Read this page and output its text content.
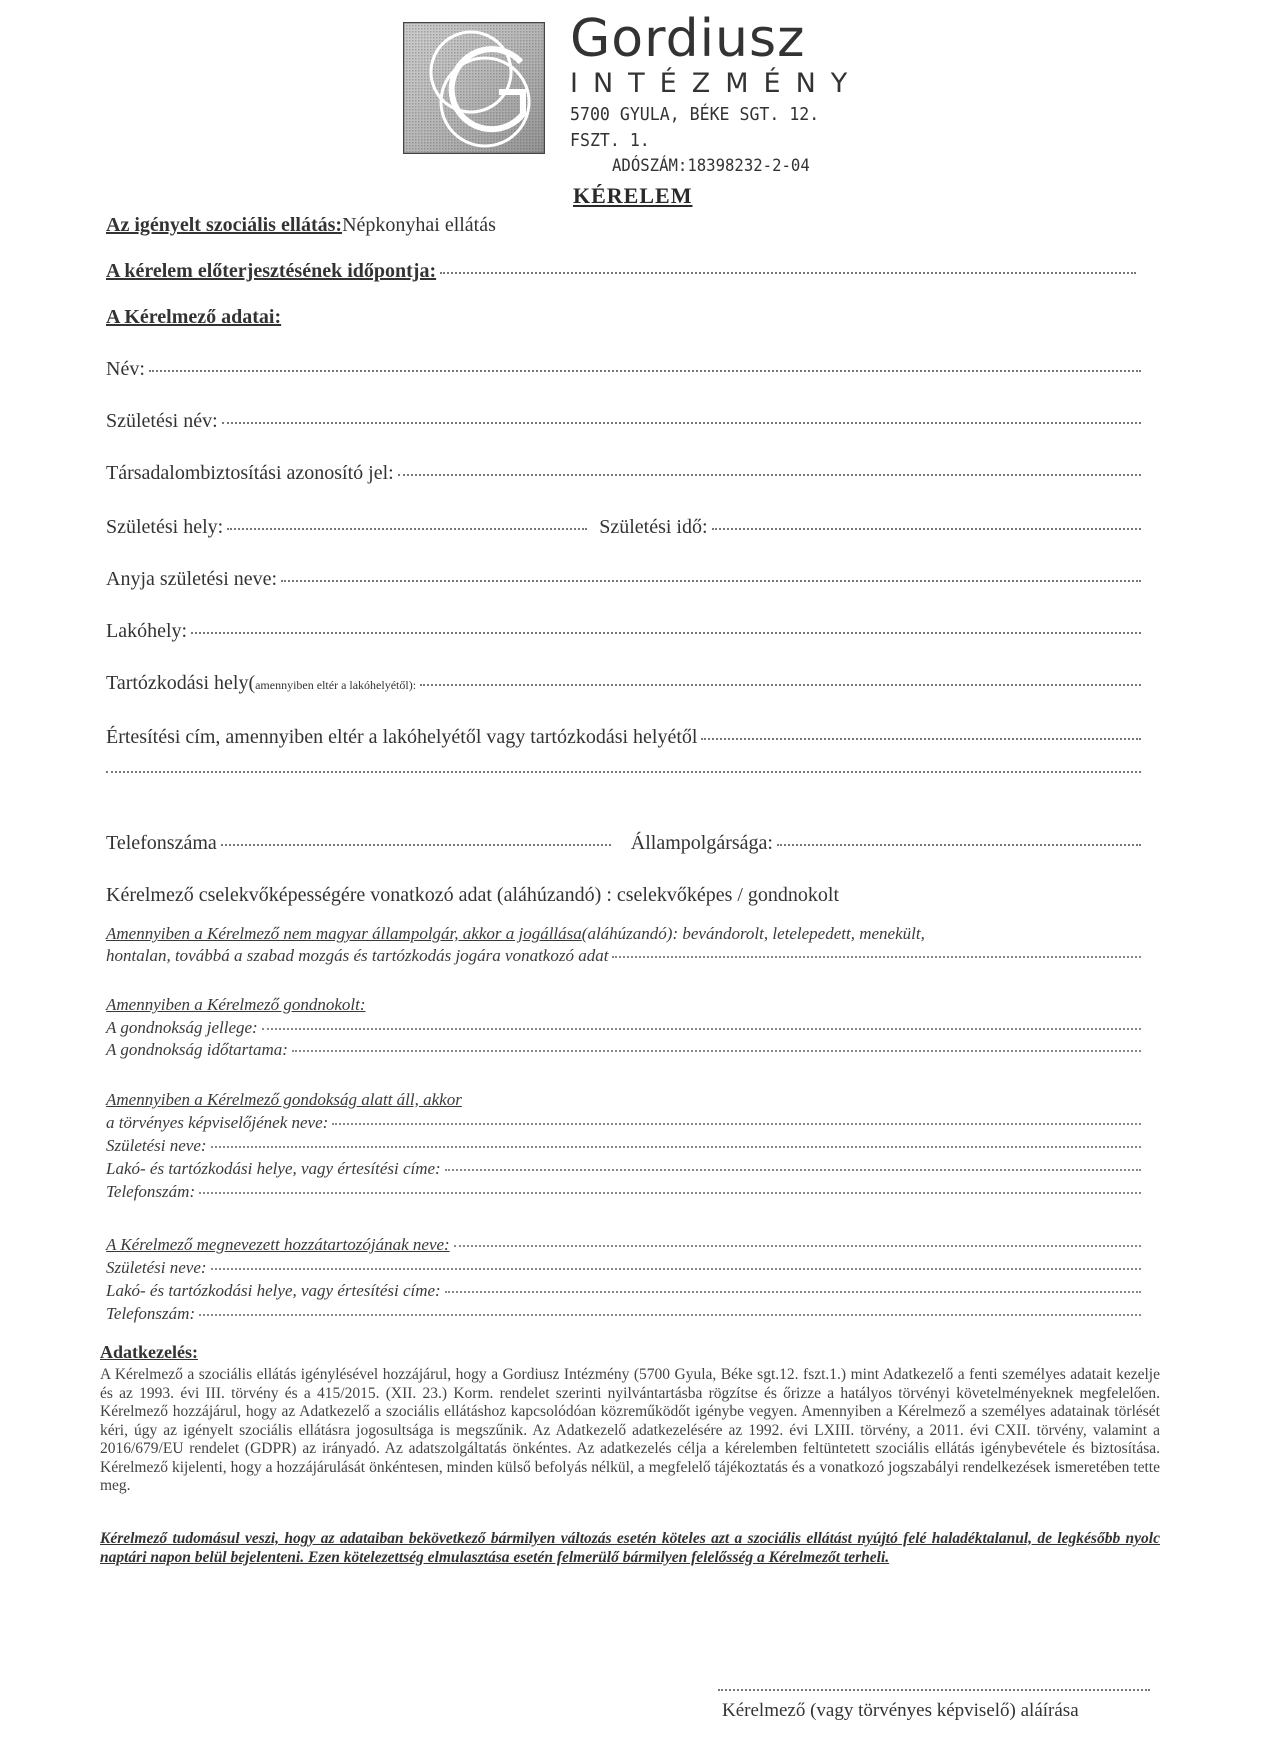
Gordiusz
INTÉZMÉNY
5700 GYULA, BÉKE SGT. 12. FSZT. 1.
ADÓSZÁM:18398232-2-04
KÉRELEM
Az igényelt szociális ellátás: Népkonyhai ellátás
A kérelem előterjesztésének időpontja:
A Kérelmező adatai:
Név:
Születési név:
Társadalombiztosítási azonosító jel:
Születési hely:	Születési idő:
Anyja születési neve:
Lakóhely:
Tartózkodási hely( amennyiben eltér a lakóhelyétől):
Értesítési cím, amennyiben eltér a lakóhelyétől vagy tartózkodási helyétől
Telefonszáma	Állampolgársága:
Kérelmező cselekvőképességére vonatkozó adat (aláhúzandó) : cselekvőképes / gondnokolt
Amennyiben a Kérelmező nem magyar állampolgár, akkor a jogállása (aláhúzandó): bevándorolt, letelepedett, menekült,
hontalan, továbbá a szabad mozgás és tartózkodás jogára vonatkozó adat
Amennyiben a Kérelmező gondnokolt:
A gondnokság jellege:
A gondnokság időtartama:
Amennyiben a Kérelmező gondokság alatt áll, akkor
a törvényes képviselőjének neve:
Születési neve:
Lakó- és tartózkodási helye, vagy értesítési címe:
Telefonszám:
A Kérelmező megnevezett hozzátartozójának neve:
Születési neve:
Lakó- és tartózkodási helye, vagy értesítési címe:
Telefonszám:
Adatkezelés:
A Kérelmező a szociális ellátás igénylésével hozzájárul, hogy a Gordiusz Intézmény (5700 Gyula, Béke sgt.12. fszt.1.) mint Adatkezelő a fenti személyes adatait kezelje és az 1993. évi III. törvény és a 415/2015. (XII. 23.) Korm. rendelet szerinti nyilvántartásba rögzítse és őrizze a hatályos törvényi követelményeknek megfelelően. Kérelmező hozzájárul, hogy az Adatkezelő a szociális ellátáshoz kapcsolódóan közreműködőt igénybe vegyen. Amennyiben a Kérelmező a személyes adatainak törlését kéri, úgy az igényelt szociális ellátásra jogosultsága is megszűnik. Az Adatkezelő adatkezelésére az 1992. évi LXIII. törvény, a 2011. évi CXII. törvény, valamint a 2016/679/EU rendelet (GDPR) az irányadó. Az adatszolgáltatás önkéntes. Az adatkezelés célja a kérelemben feltüntetett szociális ellátás igénybevétele és biztosítása. Kérelmező kijelenti, hogy a hozzájárulását önkéntesen, minden külső befolyás nélkül, a megfelelő tájékoztatás és a vonatkozó jogszabályi rendelkezések ismeretében tette meg.
Kérelmező tudomásul veszi, hogy az adataiban bekövetkező bármilyen változás esetén köteles azt a szociális ellátást nyújtó felé haladéktalanul, de legkésőbb nyolc naptári napon belül bejelenteni. Ezen kötelezettség elmulasztása esetén felmerülő bármilyen felelősség a Kérelmezőt terheli.
Kérelmező (vagy törvényes képviselő) aláírása
